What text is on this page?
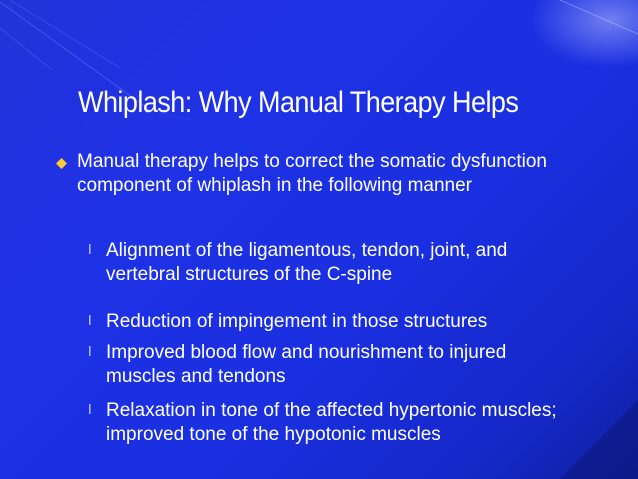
Whiplash: Why Manual Therapy Helps
Manual therapy helps to correct the somatic dysfunction component of whiplash in the following manner
l Alignment of the ligamentous, tendon, joint, and vertebral structures of the C-spine
l Reduction of impingement in those structures
l Improved blood flow and nourishment to injured muscles and tendons
l Relaxation in tone of the affected hypertonic muscles; improved tone of the hypotonic muscles
